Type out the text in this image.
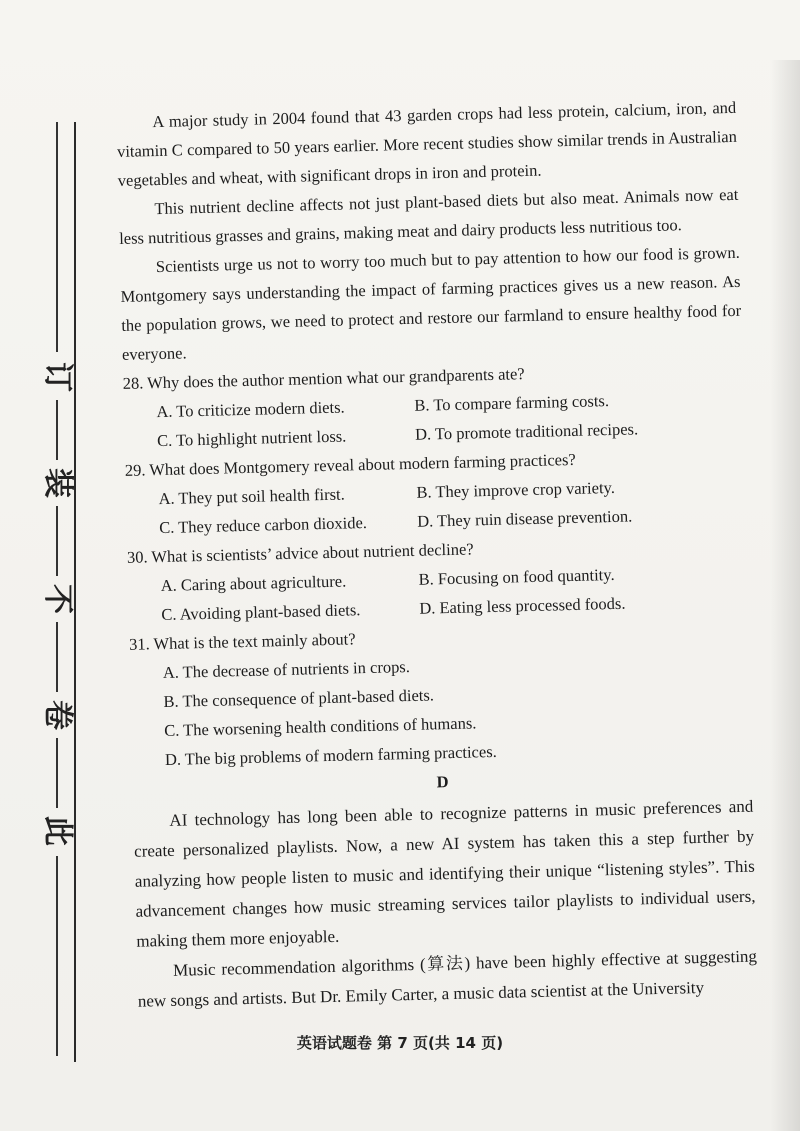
订
装
不
卷
此

A major study in 2004 found that 43 garden crops had less protein, calcium, iron, and vitamin C compared to 50 years earlier. More recent studies show similar trends in Australian vegetables and wheat, with significant drops in iron and protein.

This nutrient decline affects not just plant-based diets but also meat. Animals now eat less nutritious grasses and grains, making meat and dairy products less nutritious too.

Scientists urge us not to worry too much but to pay attention to how our food is grown. Montgomery says understanding the impact of farming practices gives us a new reason. As the population grows, we need to protect and restore our farmland to ensure healthy food for everyone.

28. Why does the author mention what our grandparents ate?

A. To criticize modern diets.	B. To compare farming costs.
C. To highlight nutrient loss.	D. To promote traditional recipes.

29. What does Montgomery reveal about modern farming practices?

A. They put soil health first.	B. They improve crop variety.
C. They reduce carbon dioxide.	D. They ruin disease prevention.

30. What is scientists’ advice about nutrient decline?

A. Caring about agriculture.	B. Focusing on food quantity.
C. Avoiding plant-based diets.	D. Eating less processed foods.

31. What is the text mainly about?

A. The decrease of nutrients in crops.
B. The consequence of plant-based diets.
C. The worsening health conditions of humans.
D. The big problems of modern farming practices.
D

AI technology has long been able to recognize patterns in music preferences and create personalized playlists. Now, a new AI system has taken this a step further by analyzing how people listen to music and identifying their unique “listening styles”. This advancement changes how music streaming services tailor playlists to individual users, making them more enjoyable.

Music recommendation algorithms (算法) have been highly effective at suggesting new songs and artists. But Dr. Emily Carter, a music data scientist at the University

英语试题卷 第 7 页(共 14 页)
